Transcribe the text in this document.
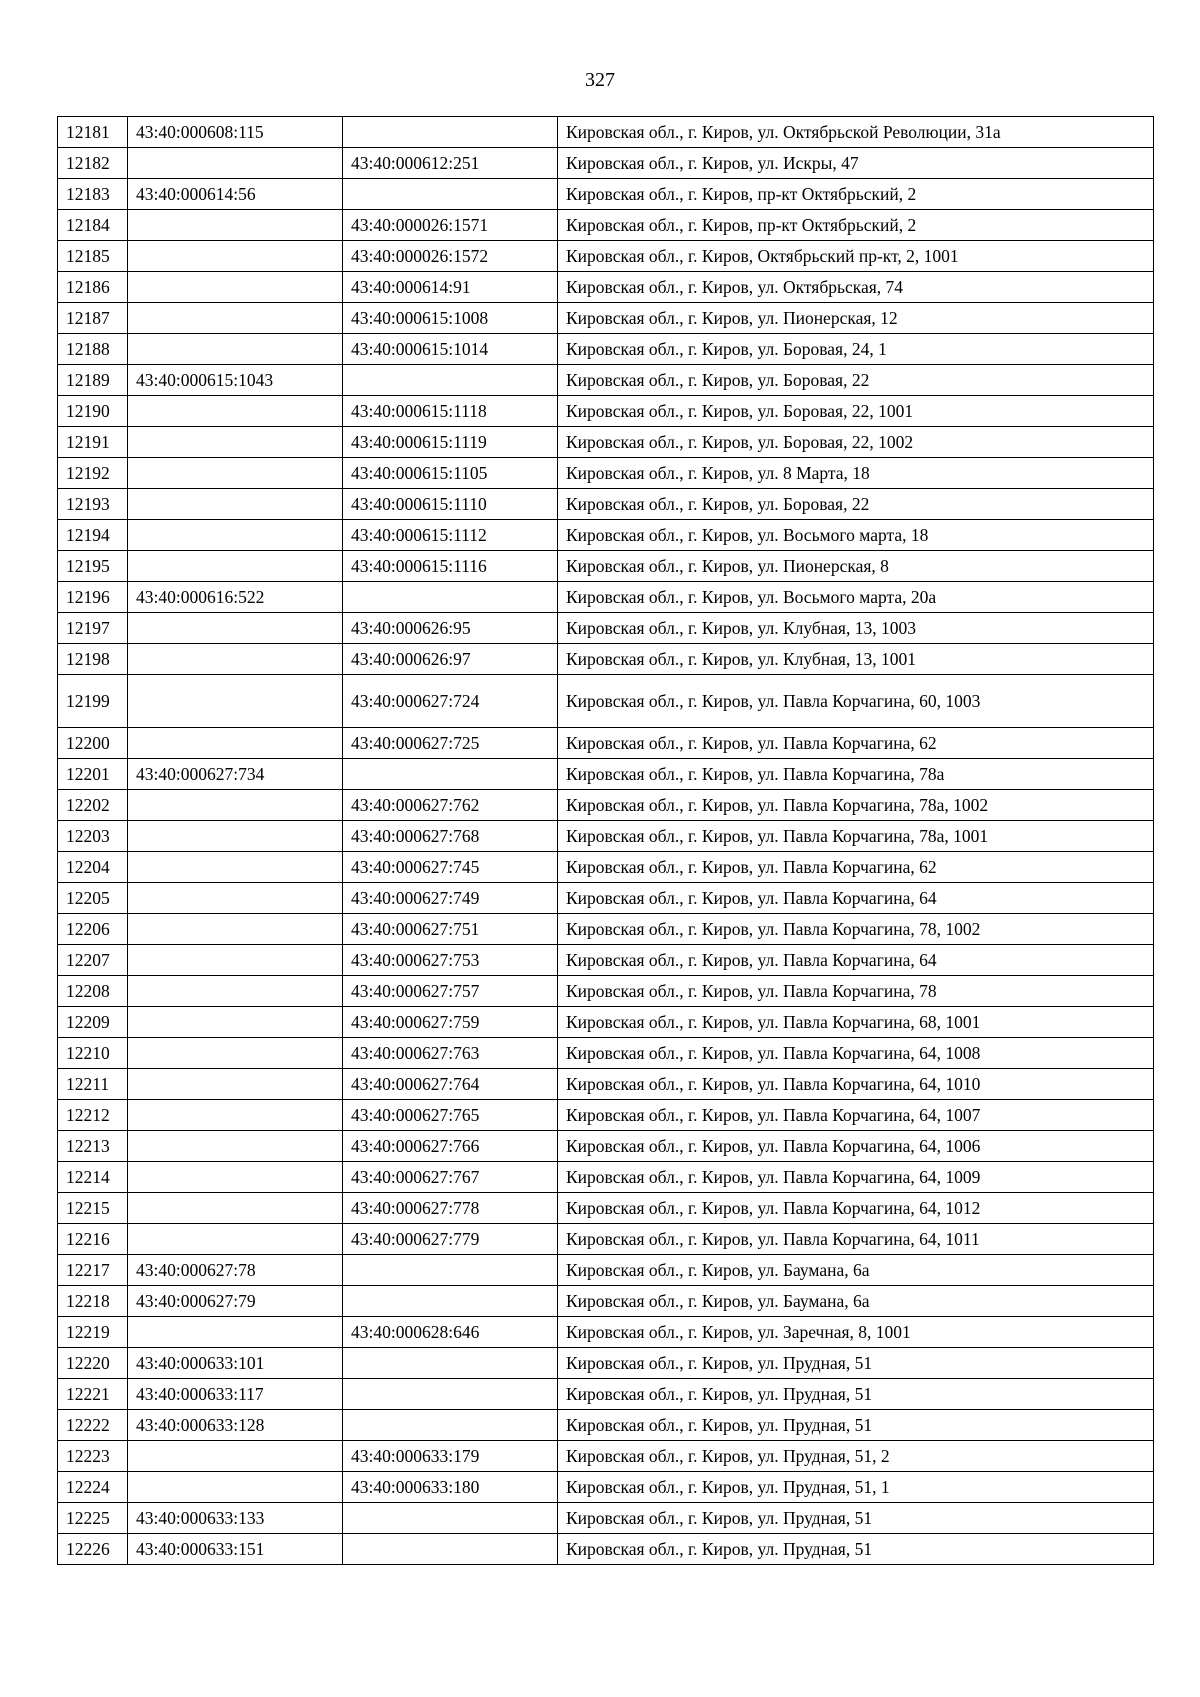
327
12181	43:40:000608:115		Кировская обл., г. Киров, ул. Октябрьской Революции, 31а
12182		43:40:000612:251	Кировская обл., г. Киров, ул. Искры, 47
12183	43:40:000614:56		Кировская обл., г. Киров, пр-кт Октябрьский, 2
12184		43:40:000026:1571	Кировская обл., г. Киров, пр-кт Октябрьский, 2
12185		43:40:000026:1572	Кировская обл., г. Киров, Октябрьский пр-кт, 2, 1001
12186		43:40:000614:91	Кировская обл., г. Киров, ул. Октябрьская, 74
12187		43:40:000615:1008	Кировская обл., г. Киров, ул. Пионерская, 12
12188		43:40:000615:1014	Кировская обл., г. Киров, ул. Боровая, 24, 1
12189	43:40:000615:1043		Кировская обл., г. Киров, ул. Боровая, 22
12190		43:40:000615:1118	Кировская обл., г. Киров, ул. Боровая, 22, 1001
12191		43:40:000615:1119	Кировская обл., г. Киров, ул. Боровая, 22, 1002
12192		43:40:000615:1105	Кировская обл., г. Киров, ул. 8 Марта, 18
12193		43:40:000615:1110	Кировская обл., г. Киров, ул. Боровая, 22
12194		43:40:000615:1112	Кировская обл., г. Киров, ул. Восьмого марта, 18
12195		43:40:000615:1116	Кировская обл., г. Киров, ул. Пионерская, 8
12196	43:40:000616:522		Кировская обл., г. Киров, ул. Восьмого марта, 20а
12197		43:40:000626:95	Кировская обл., г. Киров, ул. Клубная, 13, 1003
12198		43:40:000626:97	Кировская обл., г. Киров, ул. Клубная, 13, 1001
12199		43:40:000627:724	Кировская обл., г. Киров, ул. Павла Корчагина, 60, 1003
12200		43:40:000627:725	Кировская обл., г. Киров, ул. Павла Корчагина, 62
12201	43:40:000627:734		Кировская обл., г. Киров, ул. Павла Корчагина, 78а
12202		43:40:000627:762	Кировская обл., г. Киров, ул. Павла Корчагина, 78а, 1002
12203		43:40:000627:768	Кировская обл., г. Киров, ул. Павла Корчагина, 78а, 1001
12204		43:40:000627:745	Кировская обл., г. Киров, ул. Павла Корчагина, 62
12205		43:40:000627:749	Кировская обл., г. Киров, ул. Павла Корчагина, 64
12206		43:40:000627:751	Кировская обл., г. Киров, ул. Павла Корчагина, 78, 1002
12207		43:40:000627:753	Кировская обл., г. Киров, ул. Павла Корчагина, 64
12208		43:40:000627:757	Кировская обл., г. Киров, ул. Павла Корчагина, 78
12209		43:40:000627:759	Кировская обл., г. Киров, ул. Павла Корчагина, 68, 1001
12210		43:40:000627:763	Кировская обл., г. Киров, ул. Павла Корчагина, 64, 1008
12211		43:40:000627:764	Кировская обл., г. Киров, ул. Павла Корчагина, 64, 1010
12212		43:40:000627:765	Кировская обл., г. Киров, ул. Павла Корчагина, 64, 1007
12213		43:40:000627:766	Кировская обл., г. Киров, ул. Павла Корчагина, 64, 1006
12214		43:40:000627:767	Кировская обл., г. Киров, ул. Павла Корчагина, 64, 1009
12215		43:40:000627:778	Кировская обл., г. Киров, ул. Павла Корчагина, 64, 1012
12216		43:40:000627:779	Кировская обл., г. Киров, ул. Павла Корчагина, 64, 1011
12217	43:40:000627:78		Кировская обл., г. Киров, ул. Баумана, 6а
12218	43:40:000627:79		Кировская обл., г. Киров, ул. Баумана, 6а
12219		43:40:000628:646	Кировская обл., г. Киров, ул. Заречная, 8, 1001
12220	43:40:000633:101		Кировская обл., г. Киров, ул. Прудная, 51
12221	43:40:000633:117		Кировская обл., г. Киров, ул. Прудная, 51
12222	43:40:000633:128		Кировская обл., г. Киров, ул. Прудная, 51
12223		43:40:000633:179	Кировская обл., г. Киров, ул. Прудная, 51, 2
12224		43:40:000633:180	Кировская обл., г. Киров, ул. Прудная, 51, 1
12225	43:40:000633:133		Кировская обл., г. Киров, ул. Прудная, 51
12226	43:40:000633:151		Кировская обл., г. Киров, ул. Прудная, 51
